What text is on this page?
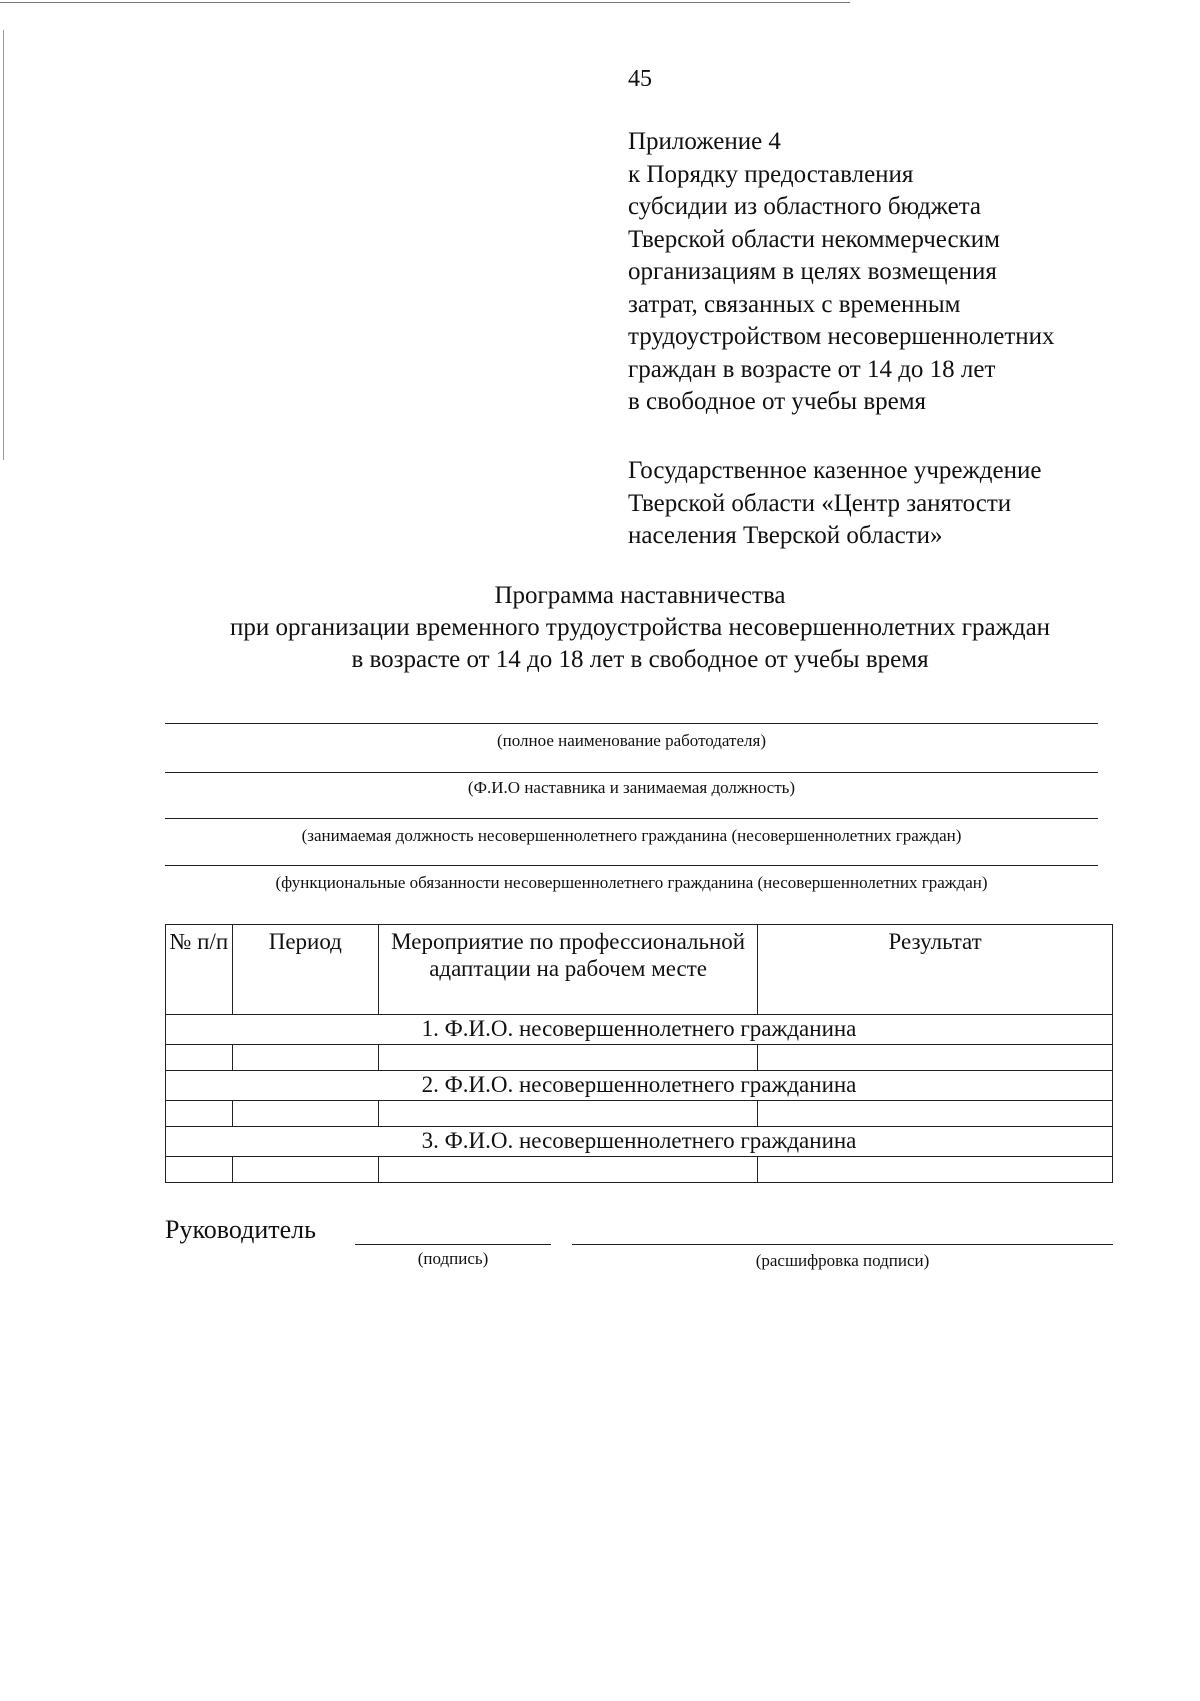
45
Приложение 4
к Порядку предоставления
субсидии из областного бюджета
Тверской области некоммерческим
организациям в целях возмещения
затрат, связанных с временным
трудоустройством несовершеннолетних
граждан в возрасте от 14 до 18 лет
в свободное от учебы время
Государственное казенное учреждение
Тверской области «Центр занятости
населения Тверской области»
Программа наставничества
при организации временного трудоустройства несовершеннолетних граждан
в возрасте от 14 до 18 лет в свободное от учебы время
(полное наименование работодателя)
(Ф.И.О наставника и занимаемая должность)
(занимаемая должность несовершеннолетнего гражданина (несовершеннолетних граждан)
(функциональные обязанности несовершеннолетнего гражданина (несовершеннолетних граждан)
№ п/п	Период	Мероприятие по профессиональной адаптации на рабочем месте	Результат
1. Ф.И.О. несовершеннолетнего гражданина			

2. Ф.И.О. несовершеннолетнего гражданина			

3. Ф.И.О. несовершеннолетнего гражданина			

Руководитель
(подпись)	(расшифровка подписи)
